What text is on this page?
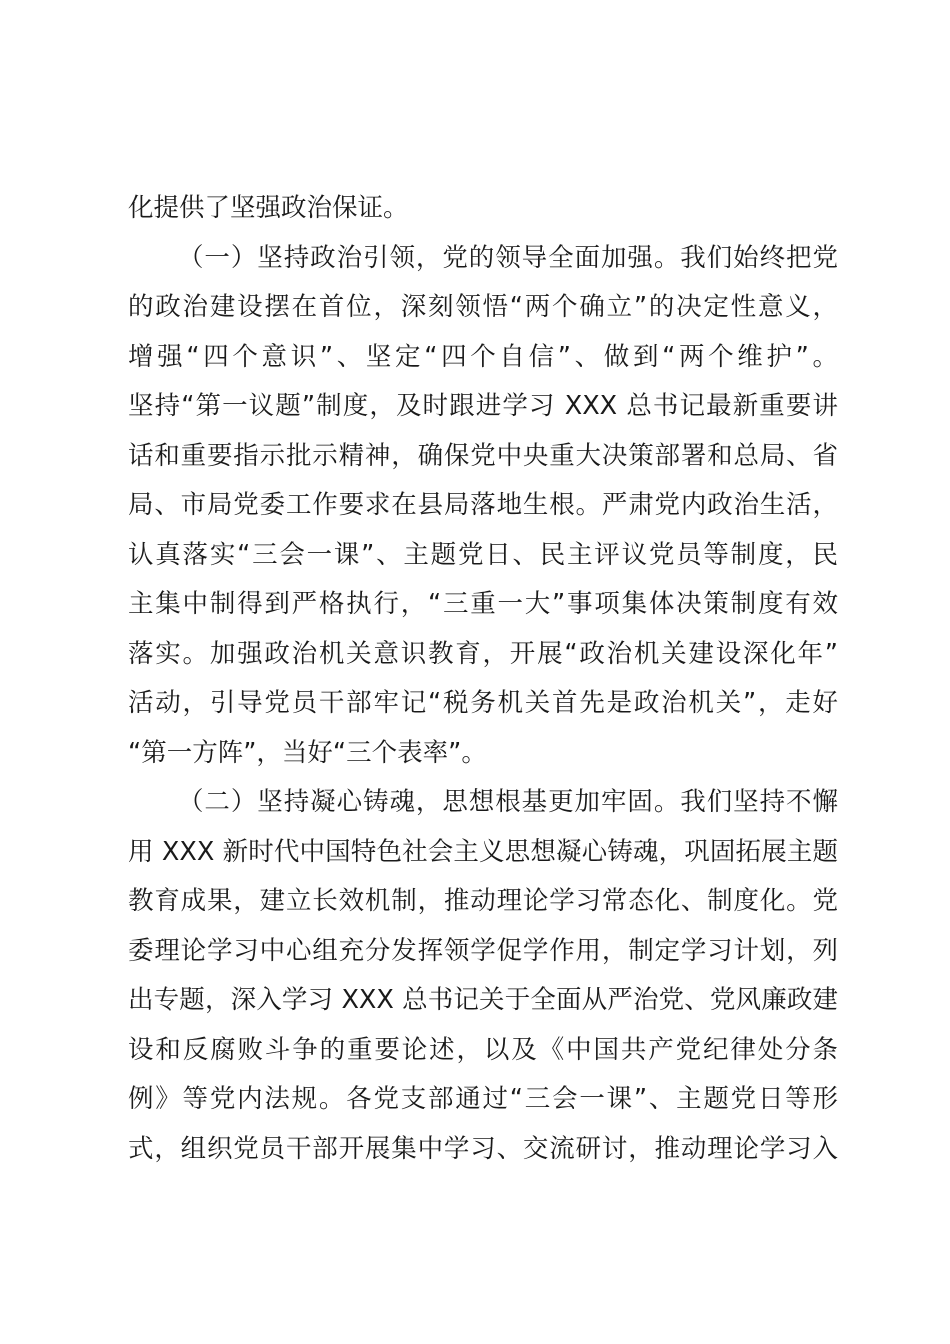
化提供了坚强政治保证。
（一）坚持政治引领，党的领导全面加强。我们始终把党
的政治建设摆在首位，深刻领悟“两个确立”的决定性意义，
增强“四个意识”、坚定“四个自信”、做到“两个维护”。
坚持“第一议题”制度，及时跟进学习 XXX 总书记最新重要讲
话和重要指示批示精神，确保党中央重大决策部署和总局、省
局、市局党委工作要求在县局落地生根。严肃党内政治生活，
认真落实“三会一课”、主题党日、民主评议党员等制度，民
主集中制得到严格执行，“三重一大”事项集体决策制度有效
落实。加强政治机关意识教育，开展“政治机关建设深化年”
活动，引导党员干部牢记“税务机关首先是政治机关”，走好
“第一方阵”，当好“三个表率”。
（二）坚持凝心铸魂，思想根基更加牢固。我们坚持不懈
用 XXX 新时代中国特色社会主义思想凝心铸魂，巩固拓展主题
教育成果，建立长效机制，推动理论学习常态化、制度化。党
委理论学习中心组充分发挥领学促学作用，制定学习计划，列
出专题，深入学习 XXX 总书记关于全面从严治党、党风廉政建
设和反腐败斗争的重要论述，以及《中国共产党纪律处分条
例》等党内法规。各党支部通过“三会一课”、主题党日等形
式，组织党员干部开展集中学习、交流研讨，推动理论学习入
